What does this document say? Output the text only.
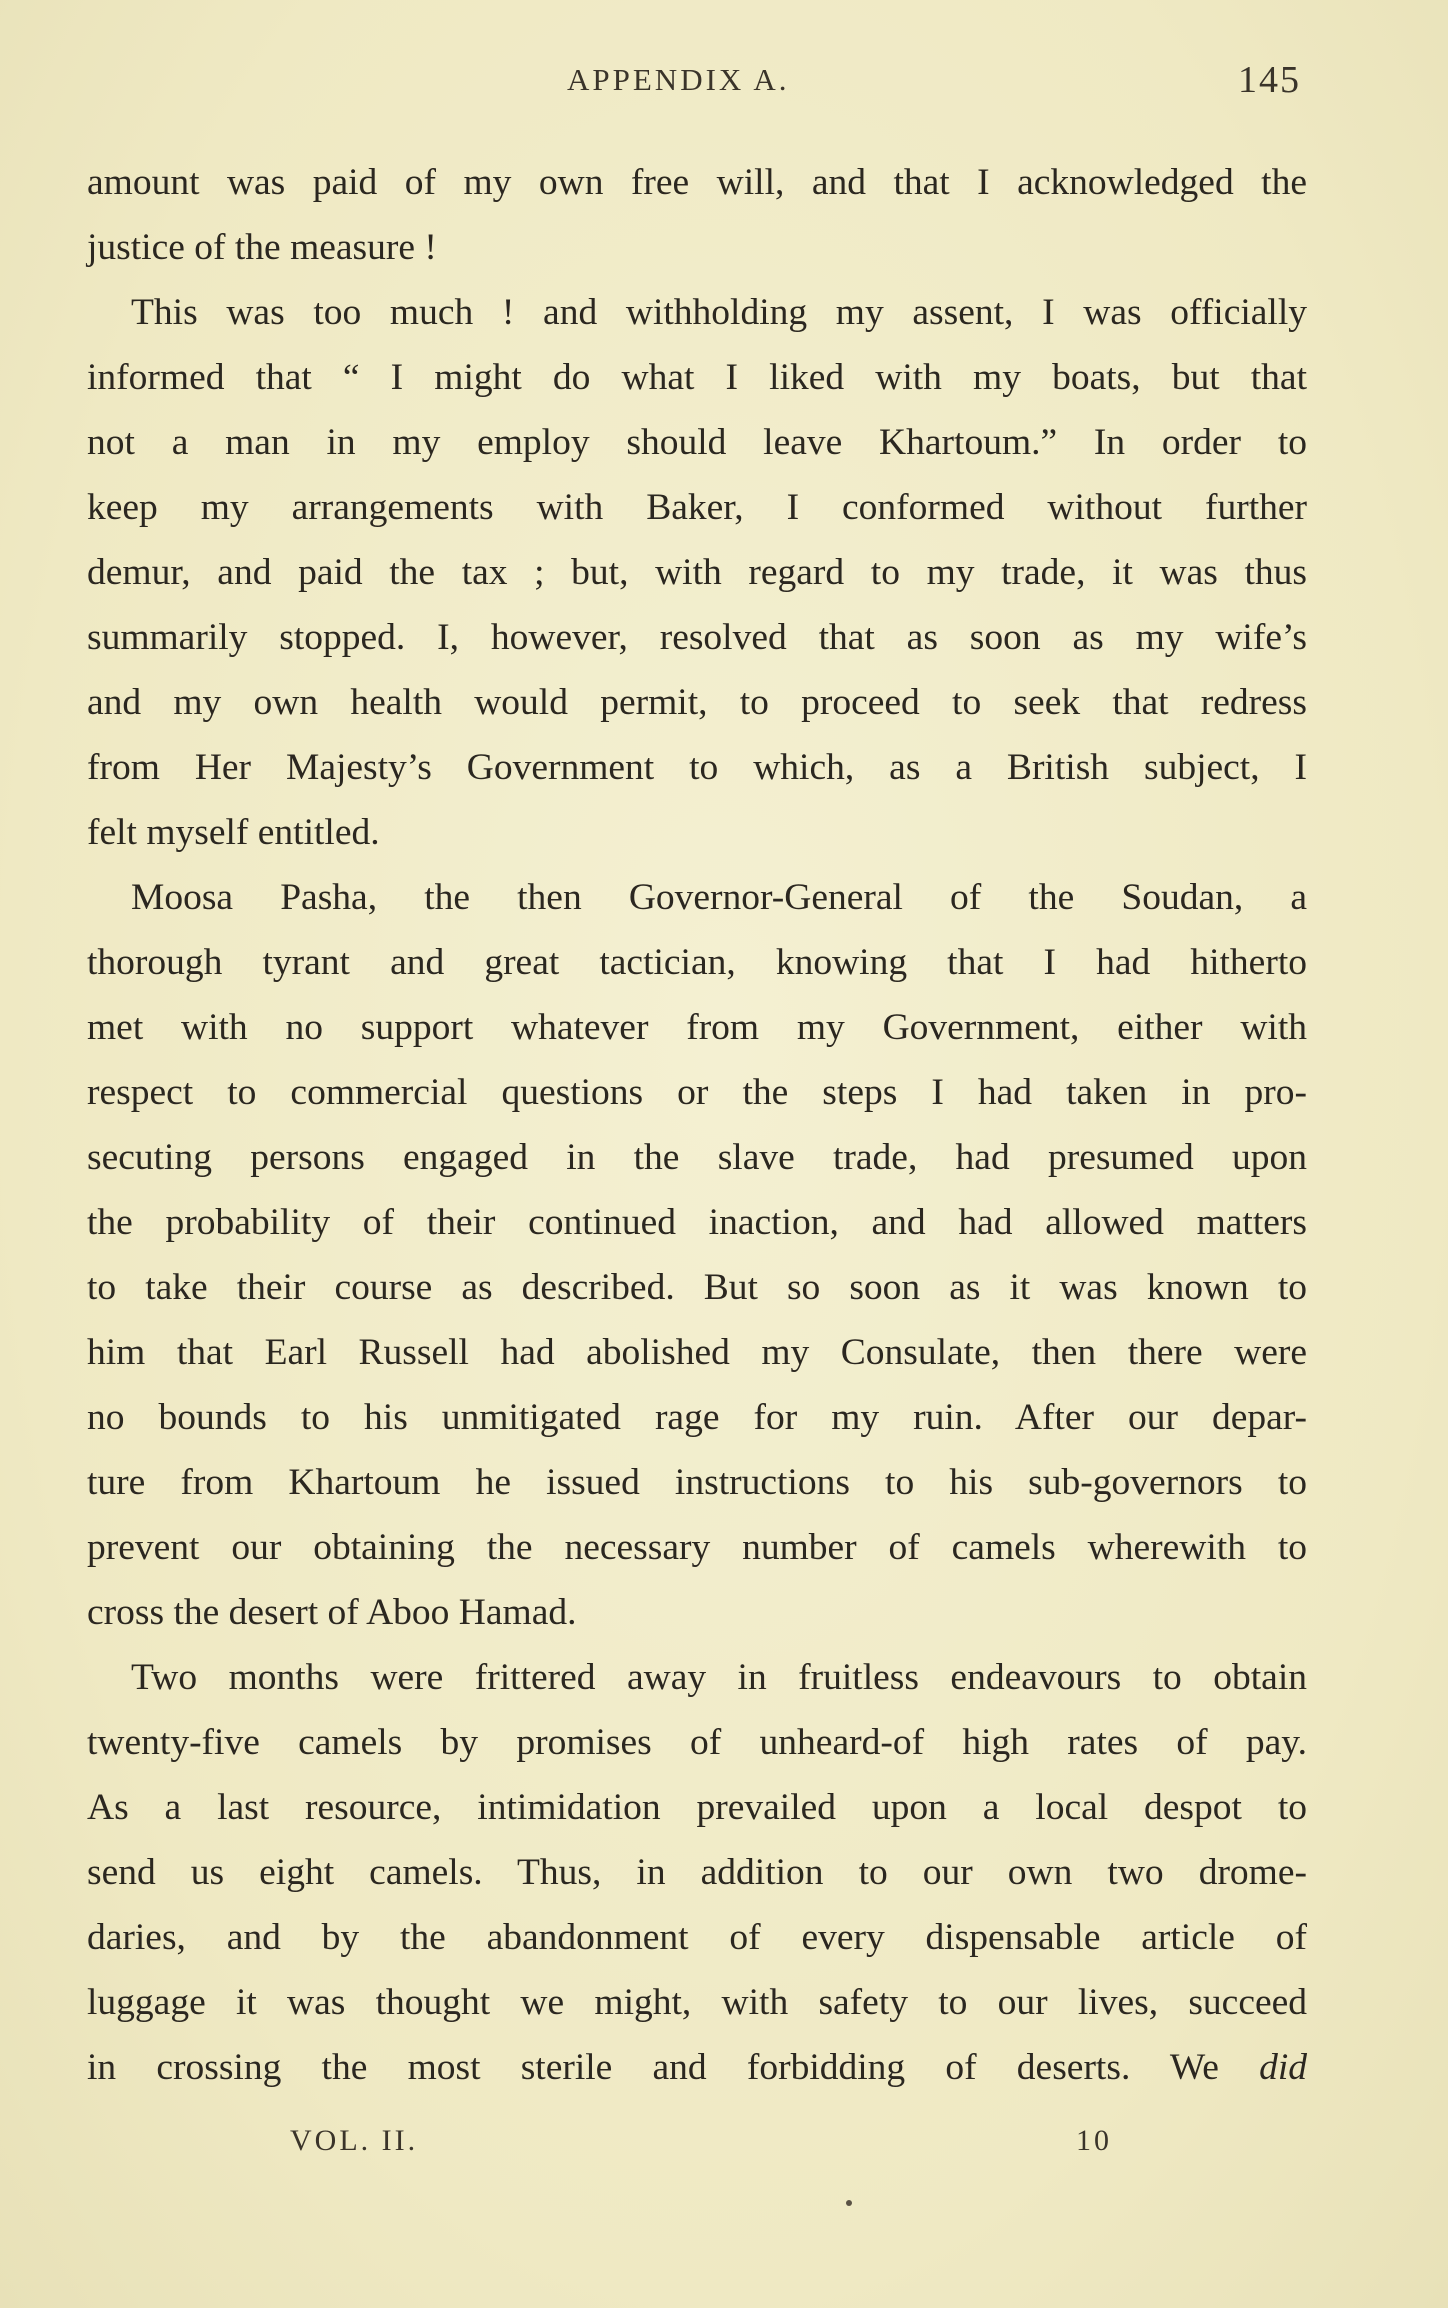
APPENDIX A.	145
amount was paid of my own free will, and that I acknowledged the
justice of the measure !
This was too much ! and withholding my assent, I was officially
informed that “ I might do what I liked with my boats, but that
not a man in my employ should leave Khartoum.” In order to
keep my arrangements with Baker, I conformed without further
demur, and paid the tax ; but, with regard to my trade, it was thus
summarily stopped. I, however, resolved that as soon as my wife’s
and my own health would permit, to proceed to seek that redress
from Her Majesty’s Government to which, as a British subject, I
felt myself entitled.
Moosa Pasha, the then Governor-General of the Soudan, a
thorough tyrant and great tactician, knowing that I had hitherto
met with no support whatever from my Government, either with
respect to commercial questions or the steps I had taken in pro-
secuting persons engaged in the slave trade, had presumed upon
the probability of their continued inaction, and had allowed matters
to take their course as described. But so soon as it was known to
him that Earl Russell had abolished my Consulate, then there were
no bounds to his unmitigated rage for my ruin. After our depar-
ture from Khartoum he issued instructions to his sub-governors to
prevent our obtaining the necessary number of camels wherewith to
cross the desert of Aboo Hamad.
Two months were frittered away in fruitless endeavours to obtain
twenty-five camels by promises of unheard-of high rates of pay.
As a last resource, intimidation prevailed upon a local despot to
send us eight camels. Thus, in addition to our own two drome-
daries, and by the abandonment of every dispensable article of
luggage it was thought we might, with safety to our lives, succeed
in crossing the most sterile and forbidding of deserts. We did
VOL. II.	10
